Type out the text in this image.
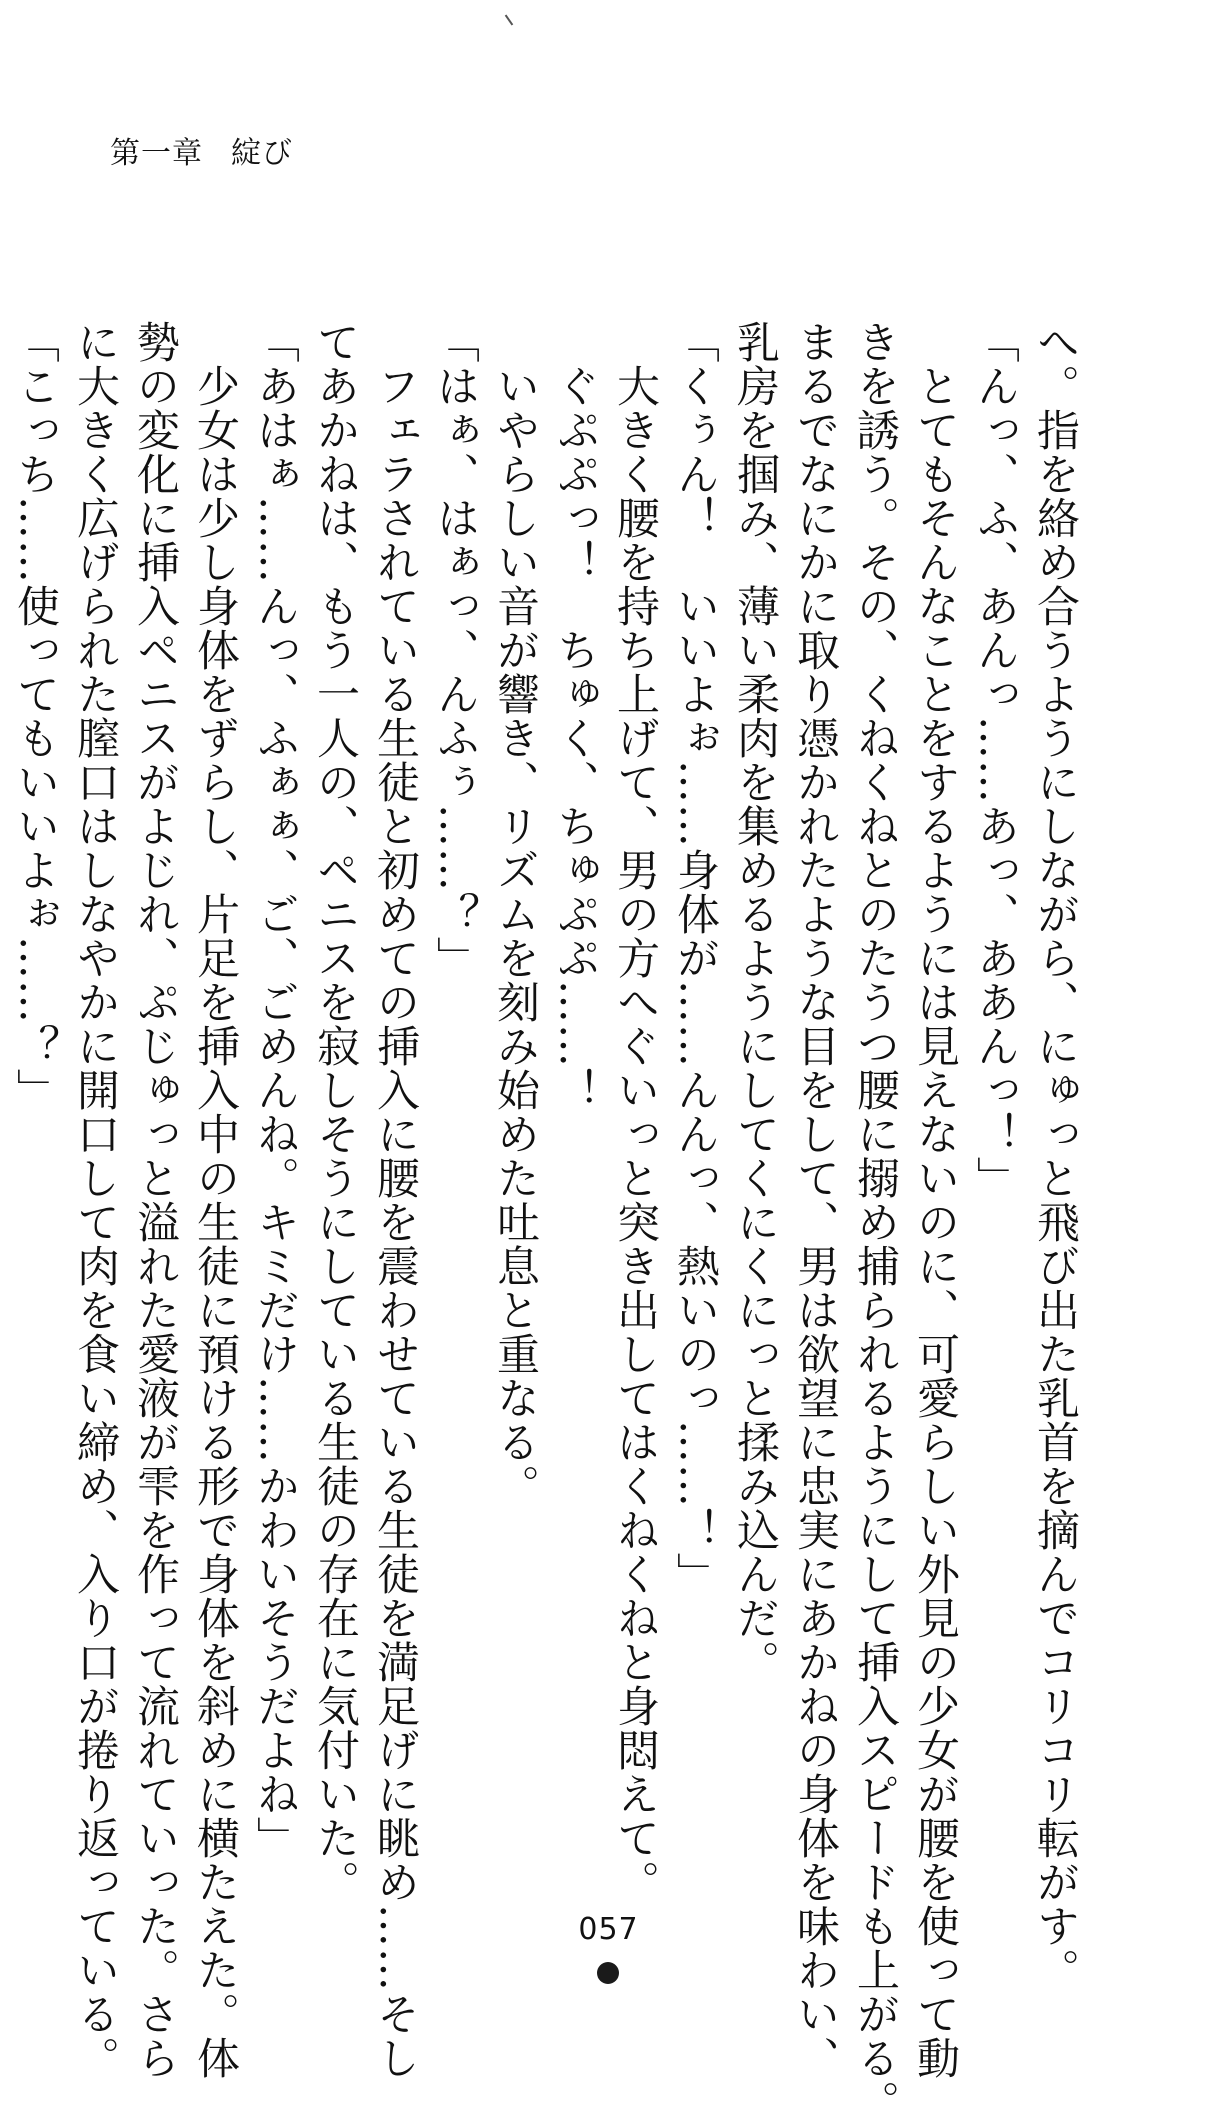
第一章 綻び
へ。指を絡め合うようにしながら、にゅっと飛び出た乳首を摘んでコリコリ転がす。
「んっ、ふ、あんっ……あっ、ああんっ！」
　とてもそんなことをするようには見えないのに、可愛らしい外見の少女が腰を使って動
きを誘う。その、くねくねとのたうつ腰に搦め捕られるようにして挿入スピードも上がる。
まるでなにかに取り憑かれたような目をして、男は欲望に忠実にあかねの身体を味わい、
乳房を掴み、薄い柔肉を集めるようにしてくにくにっと揉み込んだ。
「くぅん！　いいよぉ……身体が……んんっ、熱いのっ……！」
　大きく腰を持ち上げて、男の方へぐいっと突き出してはくねくねと身悶えて。
　ぐぷぷっ！　ちゅく、ちゅぷぷ……！
　いやらしい音が響き、リズムを刻み始めた吐息と重なる。
「はぁ、はぁっ、んふぅ……？」
　フェラされている生徒と初めての挿入に腰を震わせている生徒を満足げに眺め……そし
てあかねは、もう一人の、ペニスを寂しそうにしている生徒の存在に気付いた。
「あはぁ……んっ、ふぁぁ、ご、ごめんね。キミだけ……かわいそうだよね」
　少女は少し身体をずらし、片足を挿入中の生徒に預ける形で身体を斜めに横たえた。体
勢の変化に挿入ペニスがよじれ、ぷじゅっと溢れた愛液が雫を作って流れていった。さら
に大きく広げられた膣口はしなやかに開口して肉を食い締め、入り口が捲り返っている。
「こっち……使ってもいいよぉ……？」
057
